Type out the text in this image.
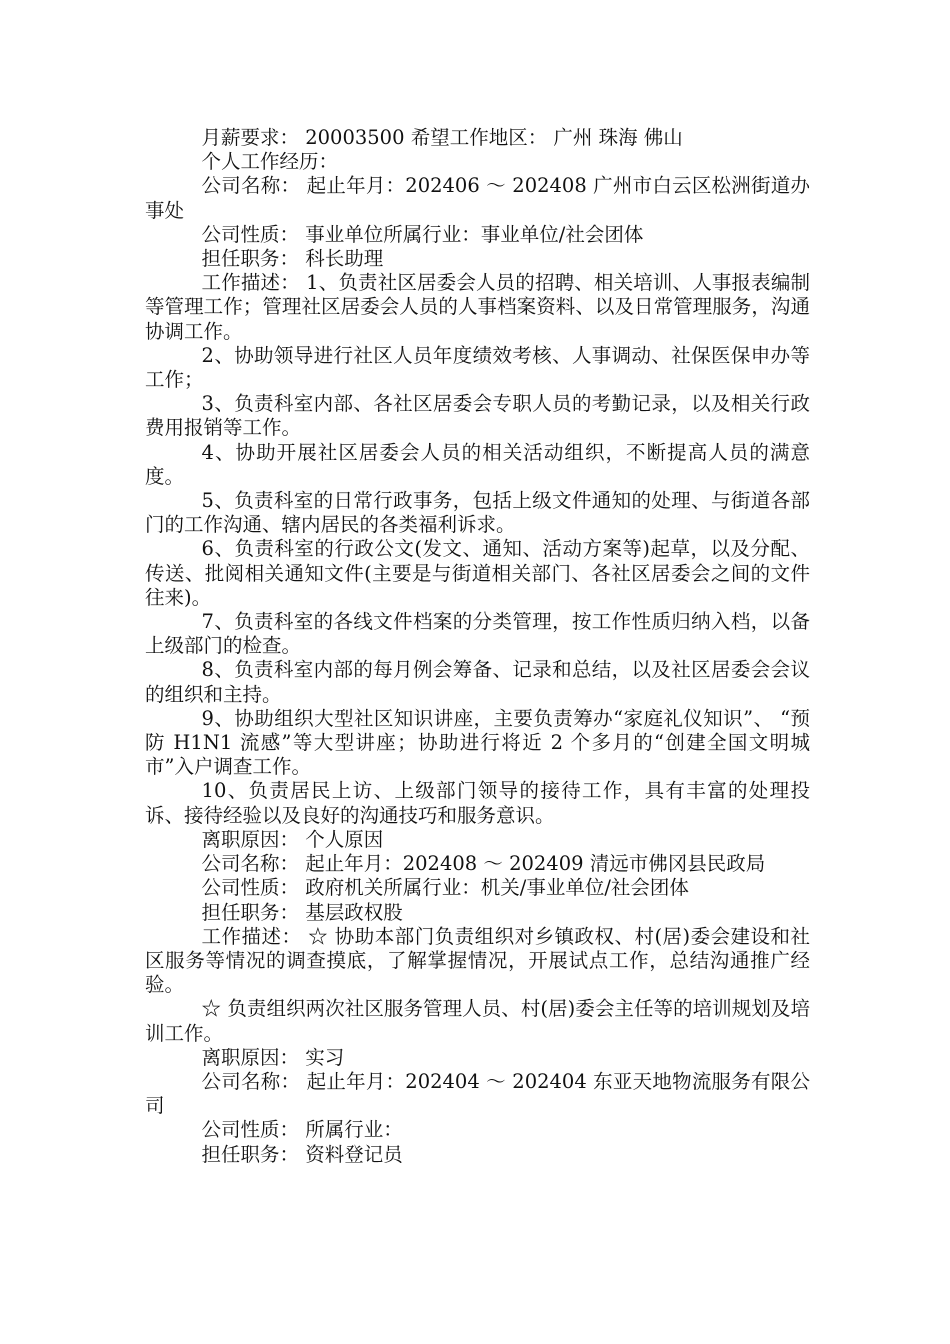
月薪要求： 20003500 希望工作地区： 广州 珠海 佛山

个人工作经历：

公司名称： 起止年月：202406 ～ 202408 广州市白云区松洲街道办事处

公司性质： 事业单位所属行业：事业单位/社会团体

担任职务： 科长助理

工作描述： 1、负责社区居委会人员的招聘、相关培训、人事报表编制等管理工作；管理社区居委会人员的人事档案资料、以及日常管理服务，沟通协调工作。

2、协助领导进行社区人员年度绩效考核、人事调动、社保医保申办等工作；

3、负责科室内部、各社区居委会专职人员的考勤记录，以及相关行政费用报销等工作。

4、协助开展社区居委会人员的相关活动组织，不断提高人员的满意度。

5、负责科室的日常行政事务，包括上级文件通知的处理、与街道各部门的工作沟通、辖内居民的各类福利诉求。

6、负责科室的行政公文(发文、通知、活动方案等)起草，以及分配、传送、批阅相关通知文件(主要是与街道相关部门、各社区居委会之间的文件往来)。

7、负责科室的各线文件档案的分类管理，按工作性质归纳入档，以备上级部门的检查。

8、负责科室内部的每月例会筹备、记录和总结，以及社区居委会会议的组织和主持。

9、协助组织大型社区知识讲座，主要负责筹办“家庭礼仪知识”、 “预防 H1N1 流感”等大型讲座；协助进行将近 2 个多月的“创建全国文明城市”入户调查工作。

10、负责居民上访、上级部门领导的接待工作，具有丰富的处理投诉、接待经验以及良好的沟通技巧和服务意识。

离职原因： 个人原因

公司名称： 起止年月：202408 ～ 202409 清远市佛冈县民政局

公司性质： 政府机关所属行业：机关/事业单位/社会团体

担任职务： 基层政权股

工作描述： ☆ 协助本部门负责组织对乡镇政权、村(居)委会建设和社区服务等情况的调查摸底，了解掌握情况，开展试点工作，总结沟通推广经验。

☆ 负责组织两次社区服务管理人员、村(居)委会主任等的培训规划及培训工作。

离职原因： 实习

公司名称： 起止年月：202404 ～ 202404 东亚天地物流服务有限公司

公司性质： 所属行业：

担任职务： 资料登记员
